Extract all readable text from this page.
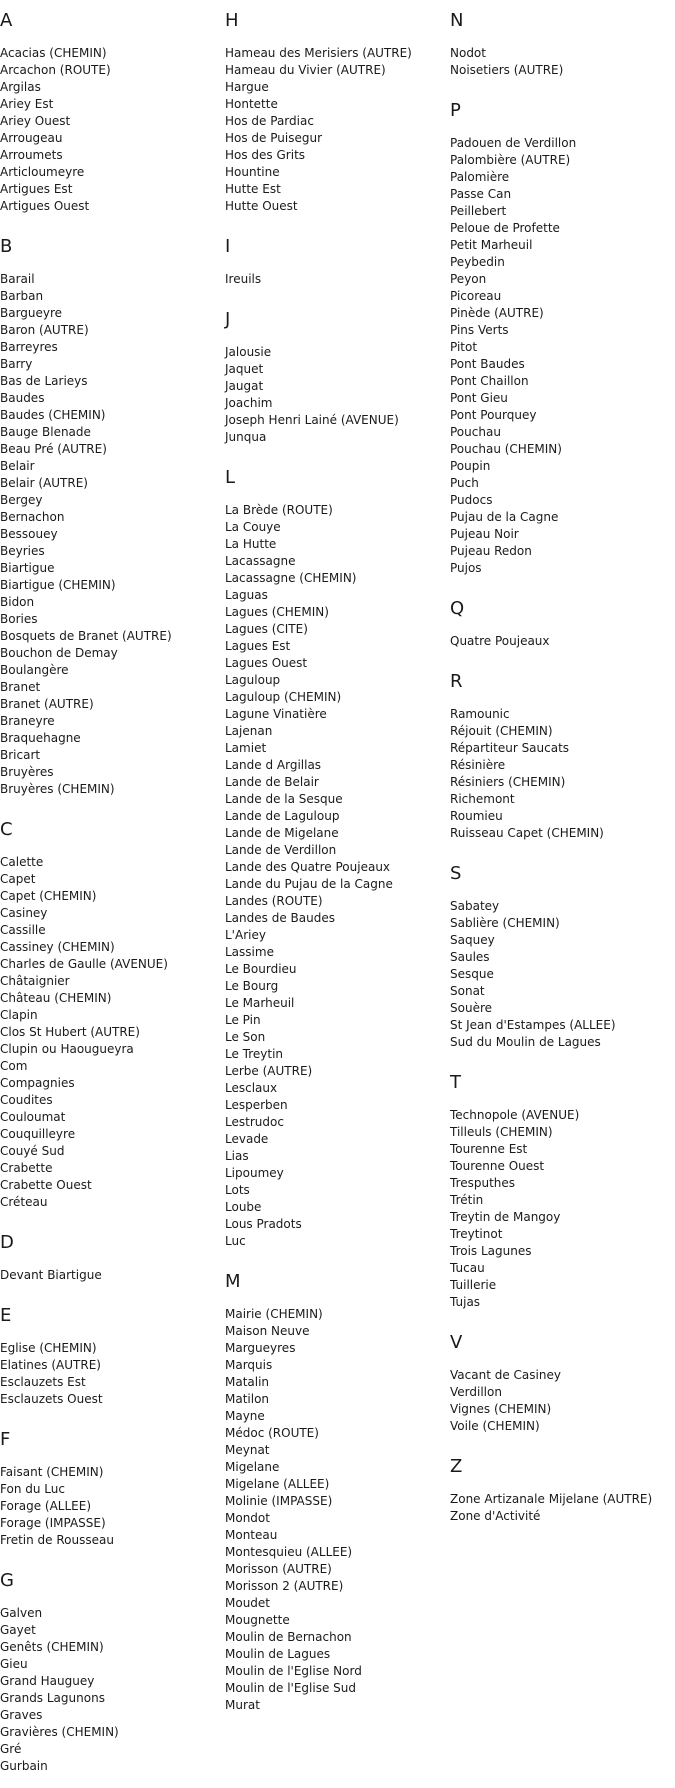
A
Acacias (CHEMIN)
Arcachon (ROUTE)
Argilas
Ariey Est
Ariey Ouest
Arrougeau
Arroumets
Articloumeyre
Artigues Est
Artigues Ouest
B
Barail
Barban
Bargueyre
Baron (AUTRE)
Barreyres
Barry
Bas de Larieys
Baudes
Baudes (CHEMIN)
Bauge Blenade
Beau Pré (AUTRE)
Belair
Belair (AUTRE)
Bergey
Bernachon
Bessouey
Beyries
Biartigue
Biartigue (CHEMIN)
Bidon
Bories
Bosquets de Branet (AUTRE)
Bouchon de Demay
Boulangère
Branet
Branet (AUTRE)
Braneyre
Braquehagne
Bricart
Bruyères
Bruyères (CHEMIN)
C
Calette
Capet
Capet (CHEMIN)
Casiney
Cassille
Cassiney (CHEMIN)
Charles de Gaulle (AVENUE)
Châtaignier
Château (CHEMIN)
Clapin
Clos St Hubert (AUTRE)
Clupin ou Haougueyra
Com
Compagnies
Coudites
Couloumat
Couquilleyre
Couyé Sud
Crabette
Crabette Ouest
Créteau
D
Devant Biartigue
E
Eglise (CHEMIN)
Elatines (AUTRE)
Esclauzets Est
Esclauzets Ouest
F
Faisant (CHEMIN)
Fon du Luc
Forage (ALLEE)
Forage (IMPASSE)
Fretin de Rousseau
G
Galven
Gayet
Genêts (CHEMIN)
Gieu
Grand Hauguey
Grands Lagunons
Graves
Gravières (CHEMIN)
Gré
Gurbain
H
Hameau des Merisiers (AUTRE)
Hameau du Vivier (AUTRE)
Hargue
Hontette
Hos de Pardiac
Hos de Puisegur
Hos des Grits
Hountine
Hutte Est
Hutte Ouest
I
Ireuils
J
Jalousie
Jaquet
Jaugat
Joachim
Joseph Henri Lainé (AVENUE)
Junqua
L
La Brède (ROUTE)
La Couye
La Hutte
Lacassagne
Lacassagne (CHEMIN)
Laguas
Lagues (CHEMIN)
Lagues (CITE)
Lagues Est
Lagues Ouest
Laguloup
Laguloup (CHEMIN)
Lagune Vinatière
Lajenan
Lamiet
Lande d Argillas
Lande de Belair
Lande de la Sesque
Lande de Laguloup
Lande de Migelane
Lande de Verdillon
Lande des Quatre Poujeaux
Lande du Pujau de la Cagne
Landes (ROUTE)
Landes de Baudes
L'Ariey
Lassime
Le Bourdieu
Le Bourg
Le Marheuil
Le Pin
Le Son
Le Treytin
Lerbe (AUTRE)
Lesclaux
Lesperben
Lestrudoc
Levade
Lias
Lipoumey
Lots
Loube
Lous Pradots
Luc
M
Mairie (CHEMIN)
Maison Neuve
Margueyres
Marquis
Matalin
Matilon
Mayne
Médoc (ROUTE)
Meynat
Migelane
Migelane (ALLEE)
Molinie (IMPASSE)
Mondot
Monteau
Montesquieu (ALLEE)
Morisson (AUTRE)
Morisson 2 (AUTRE)
Moudet
Mougnette
Moulin de Bernachon
Moulin de Lagues
Moulin de l'Eglise Nord
Moulin de l'Eglise Sud
Murat
N
Nodot
Noisetiers (AUTRE)
P
Padouen de Verdillon
Palombière (AUTRE)
Palomière
Passe Can
Peillebert
Peloue de Profette
Petit Marheuil
Peybedin
Peyon
Picoreau
Pinède (AUTRE)
Pins Verts
Pitot
Pont Baudes
Pont Chaillon
Pont Gieu
Pont Pourquey
Pouchau
Pouchau (CHEMIN)
Poupin
Puch
Pudocs
Pujau de la Cagne
Pujeau Noir
Pujeau Redon
Pujos
Q
Quatre Poujeaux
R
Ramounic
Réjouit (CHEMIN)
Répartiteur Saucats
Résinière
Résiniers (CHEMIN)
Richemont
Roumieu
Ruisseau Capet (CHEMIN)
S
Sabatey
Sablière (CHEMIN)
Saquey
Saules
Sesque
Sonat
Souère
St Jean d'Estampes (ALLEE)
Sud du Moulin de Lagues
T
Technopole (AVENUE)
Tilleuls (CHEMIN)
Tourenne Est
Tourenne Ouest
Tresputhes
Trétin
Treytin de Mangoy
Treytinot
Trois Lagunes
Tucau
Tuillerie
Tujas
V
Vacant de Casiney
Verdillon
Vignes (CHEMIN)
Voile (CHEMIN)
Z
Zone Artizanale Mijelane (AUTRE)
Zone d'Activité
